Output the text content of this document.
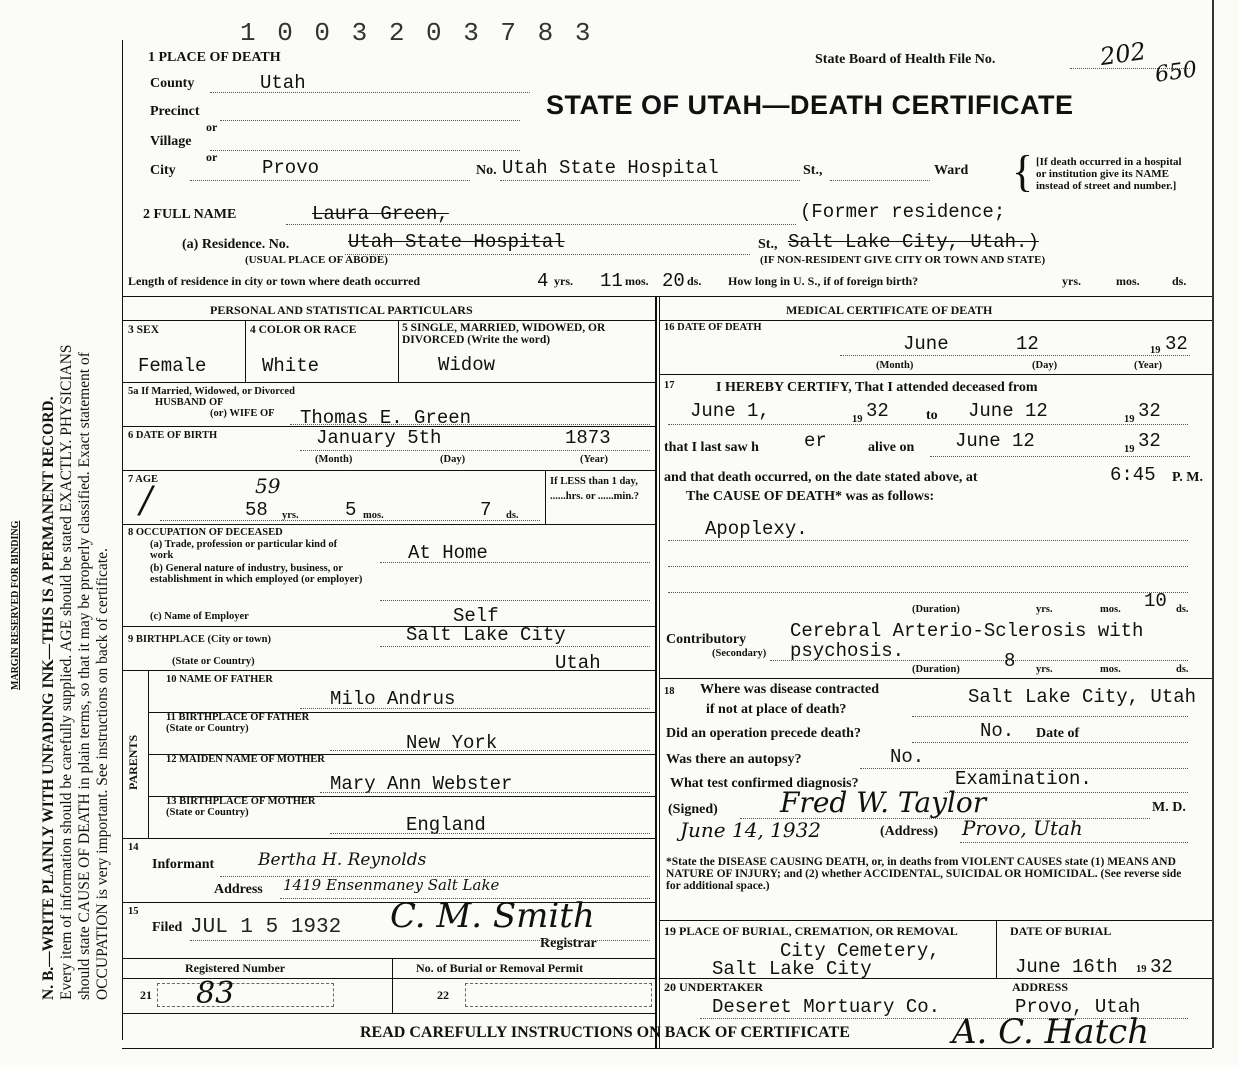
N. B.—WRITE PLAINLY WITH UNFADING INK—THIS IS A PERMANENT RECORD. Every item of information should be carefully supplied. AGE should be stated EXACTLY. PHYSICIANS should state CAUSE OF DEATH in plain terms, so that it may be properly classified. Exact statement of OCCUPATION is very important. See instructions on back of certificate.
MARGIN RESERVED FOR BINDING
1 0 0 3 2 0 3 7 8 3
1 PLACE OF DEATH	State Board of Health File No.	202
650
STATE OF UTAH—DEATH CERTIFICATE
County	Utah
Precinct
or
Village
or
City	Provo	No. Utah State Hospital	St.,	Ward { [If death occurred in a hospital or institution give its NAME instead of street and number.]
2 FULL NAME	Laura Green,	(Former residence;
(a) Residence. No.	Utah State Hospital	St., Salt Lake City, Utah.)
(USUAL PLACE OF ABODE)	(IF NON-RESIDENT GIVE CITY OR TOWN AND STATE)
Length of residence in city or town where death occurred	4 yrs. 11 mos. 20 ds. How long in U. S., if of foreign birth?	yrs.	mos.	ds.
PERSONAL AND STATISTICAL PARTICULARS
3 SEX	4 COLOR OR RACE	5 SINGLE, MARRIED, WIDOWED, OR DIVORCED (Write the word)
Female	White	Widow
5a If Married, Widowed, or Divorced
HUSBAND OF
(or) WIFE OF Thomas E. Green
6 DATE OF BIRTH	January 5th	1873
(Month)	(Day)	(Year)
7 AGE
/	59
58 yrs. 5 mos.	7 ds.
If LESS than 1 day, ......hrs. or ......min.?
8 OCCUPATION OF DECEASED
(a) Trade, profession or particular kind of work
(b) General nature of industry, business, or establishment in which employed (or employer)
At Home
(c) Name of Employer	Self
9 BIRTHPLACE (City or town)	Salt Lake City
(State or Country)	Utah
PARENTS
10 NAME OF FATHER
Milo Andrus
11 BIRTHPLACE OF FATHER (State or Country)
New York
12 MAIDEN NAME OF MOTHER
Mary Ann Webster
13 BIRTHPLACE OF MOTHER (State or Country)
England
14
Informant	Bertha H. Reynolds
Address 1419 Ensenmaney Salt Lake
15
Filed JUL 1 5 1932 C. M. Smith
Registrar
Registered Number	No. of Burial or Removal Permit
21 83	22
MEDICAL CERTIFICATE OF DEATH
16 DATE OF DEATH
June	12	19 32
(Month)	(Day)	(Year)
17	I HEREBY CERTIFY, That I attended deceased from
June 1,	19 32	to June 12	19 32
that I last saw h er	alive on June 12	19 32
and that death occurred, on the date stated above, at	6:45 P. M.
The CAUSE OF DEATH* was as follows:
Apoplexy.
(Duration)	yrs.	mos. 10 ds.
Contributory
(Secondary)
Cerebral Arterio-Sclerosis with
psychosis.
(Duration) 8 yrs.	mos.	ds.
18 Where was disease contracted
if not at place of death?
Salt Lake City, Utah
Did an operation precede death?	No. Date of
Was there an autopsy?	No.
What test confirmed diagnosis?	Examination.
(Signed) Fred W. Taylor	M. D.
June 14, 1932	(Address) Provo, Utah
*State the DISEASE CAUSING DEATH, or, in deaths from VIOLENT CAUSES state (1) MEANS AND NATURE OF INJURY; and (2) whether ACCIDENTAL, SUICIDAL OR HOMICIDAL. (See reverse side for additional space.)
19 PLACE OF BURIAL, CREMATION, OR REMOVAL
City Cemetery,
Salt Lake City
DATE OF BURIAL
June 16th 19 32
20 UNDERTAKER	ADDRESS
Deseret Mortuary Co.	Provo, Utah
READ CAREFULLY INSTRUCTIONS ON BACK OF CERTIFICATE	A. C. Hatch
